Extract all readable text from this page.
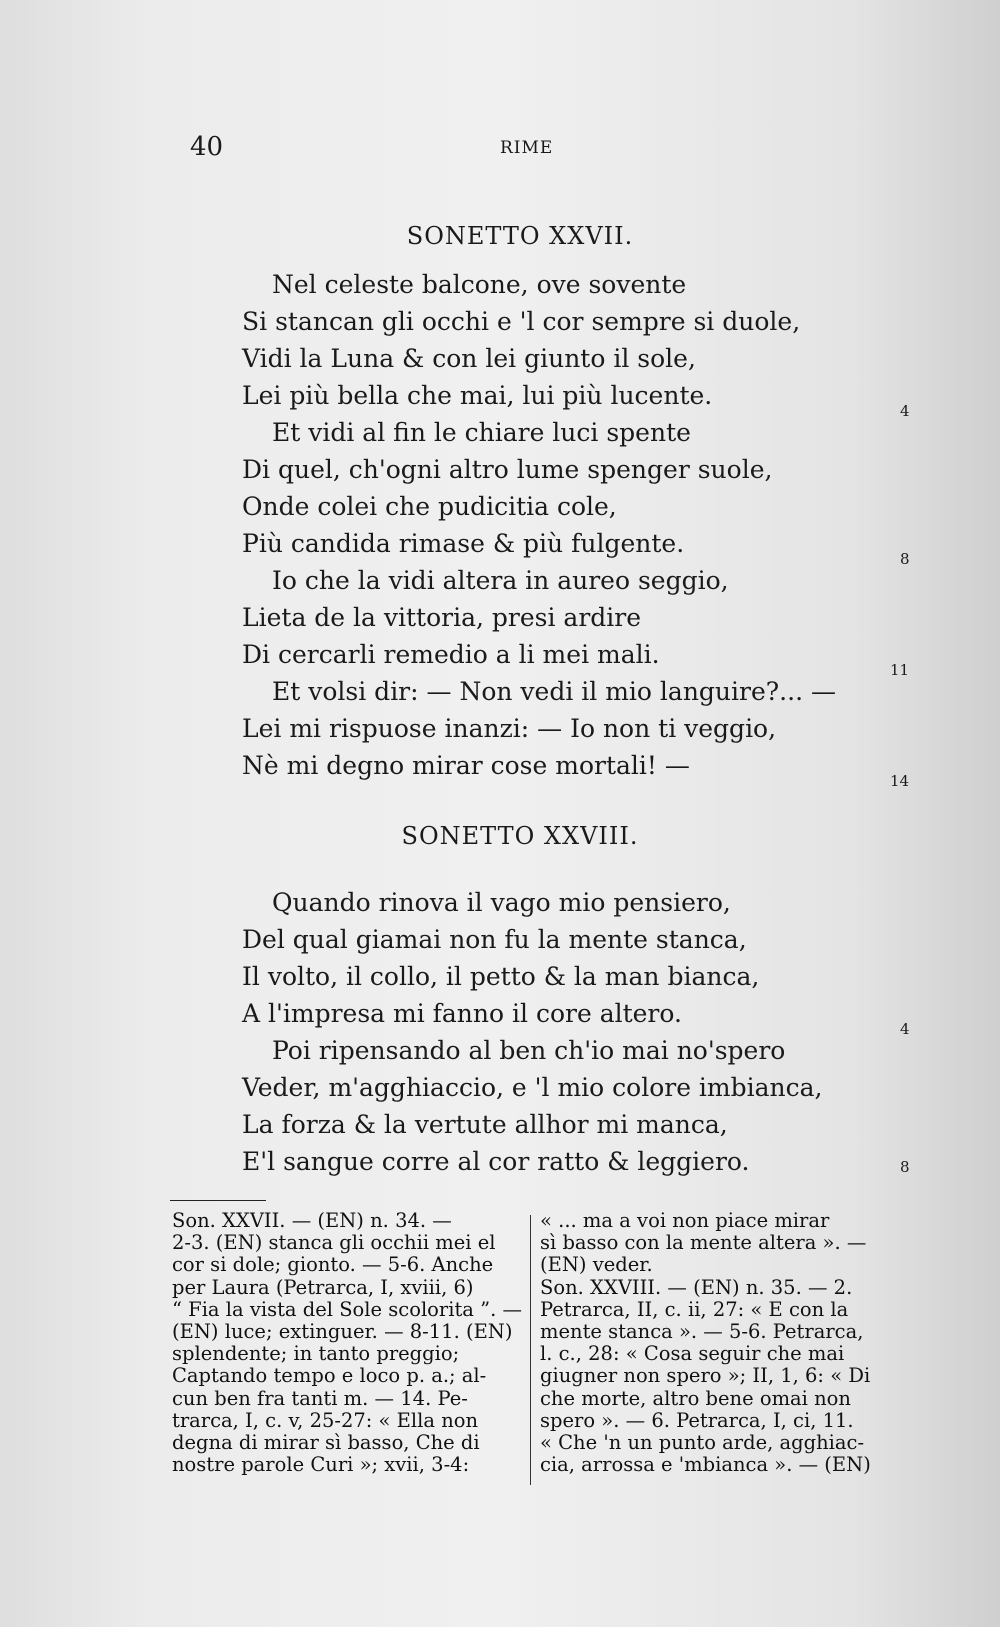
40	RIME
SONETTO XXVII.
Nel celeste balcone, ove sovente
Si stancan gli occhi e 'l cor sempre si duole,
Vidi la Luna & con lei giunto il sole,
Lei più bella che mai, lui più lucente.
Et vidi al fin le chiare luci spente
Di quel, ch'ogni altro lume spenger suole,
Onde colei che pudicitia cole,
Più candida rimase & più fulgente.
Io che la vidi altera in aureo seggio,
Lieta de la vittoria, presi ardire
Di cercarli remedio a li mei mali.
Et volsi dir: — Non vedi il mio languire?... —
Lei mi rispuose inanzi: — Io non ti veggio,
Nè mi degno mirar cose mortali! —
4
8
11
14
SONETTO XXVIII.
Quando rinova il vago mio pensiero,
Del qual giamai non fu la mente stanca,
Il volto, il collo, il petto & la man bianca,
A l'impresa mi fanno il core altero.
Poi ripensando al ben ch'io mai no'spero
Veder, m'agghiaccio, e 'l mio colore imbianca,
La forza & la vertute allhor mi manca,
E'l sangue corre al cor ratto & leggiero.
4
8
Son. XXVII. — (EN) n. 34. —
2-3. (EN) stanca gli occhii mei el
cor si dole; gionto. — 5-6. Anche
per Laura (Petrarca, I, xviii, 6)
“ Fia la vista del Sole scolorita ”. —
(EN) luce; extinguer. — 8-11. (EN)
splendente; in tanto preggio;
Captando tempo e loco p. a.; al-
cun ben fra tanti m. — 14. Pe-
trarca, I, c. v, 25-27: « Ella non
degna di mirar sì basso, Che di
nostre parole Curi »; xvii, 3-4:
« ... ma a voi non piace mirar
sì basso con la mente altera ». —
(EN) veder.
Son. XXVIII. — (EN) n. 35. — 2.
Petrarca, II, c. ii, 27: « E con la
mente stanca ». — 5-6. Petrarca,
l. c., 28: « Cosa seguir che mai
giugner non spero »; II, 1, 6: « Di
che morte, altro bene omai non
spero ». — 6. Petrarca, I, ci, 11.
« Che 'n un punto arde, agghiac-
cia, arrossa e 'mbianca ». — (EN)
